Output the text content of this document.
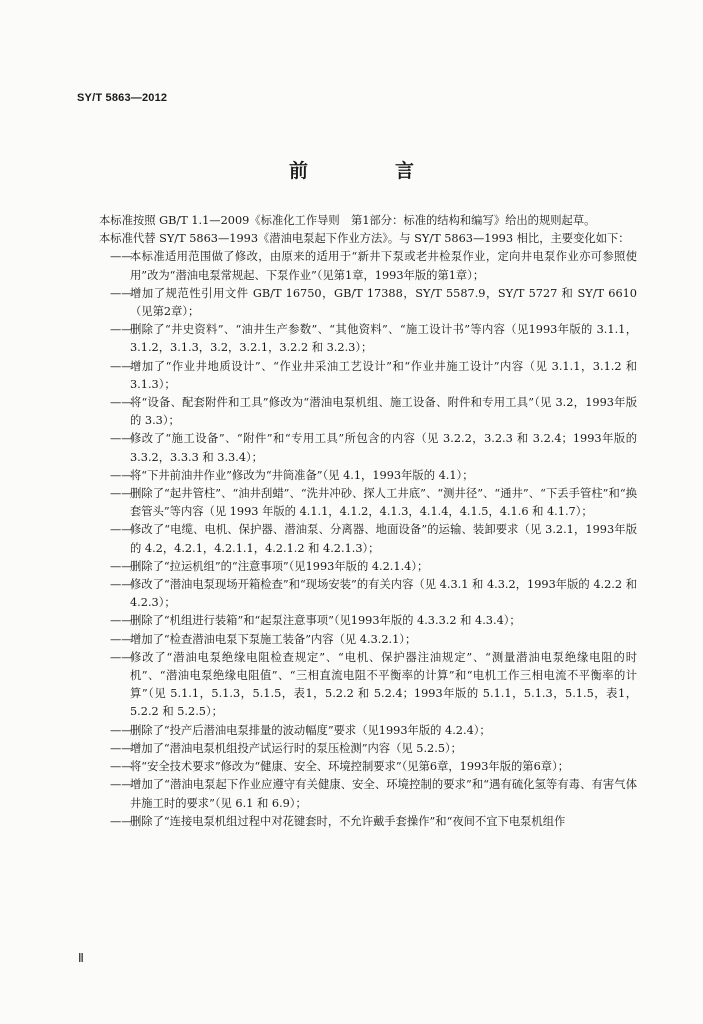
SY/T 5863—2012
前　言

本标准按照 GB/T 1.1—2009《标准化工作导则　第1部分：标准的结构和编写》给出的规则起草。

本标准代替 SY/T 5863—1993《潜油电泵起下作业方法》。与 SY/T 5863—1993 相比，主要变化如下：

——
本标准适用范围做了修改，由原来的适用于“新井下泵或老井检泵作业，定向井电泵作业亦可参照使用”改为“潜油电泵常规起、下泵作业”（见第1章，1993年版的第1章）；

——
增加了规范性引用文件 GB/T 16750，GB/T 17388，SY/T 5587.9，SY/T 5727 和 SY/T 6610（见第2章）；

——
删除了“井史资料”、“油井生产参数”、“其他资料”、“施工设计书”等内容（见1993年版的 3.1.1，3.1.2，3.1.3，3.2，3.2.1，3.2.2 和 3.2.3）；

——
增加了“作业井地质设计”、“作业井采油工艺设计”和“作业井施工设计”内容（见 3.1.1，3.1.2 和 3.1.3）；

——
将“设备、配套附件和工具”修改为“潜油电泵机组、施工设备、附件和专用工具”（见 3.2，1993年版的 3.3）；

——
修改了“施工设备”、“附件”和“专用工具”所包含的内容（见 3.2.2，3.2.3 和 3.2.4；1993年版的 3.3.2，3.3.3 和 3.3.4）；

——
将“下井前油井作业”修改为“井筒准备”（见 4.1，1993年版的 4.1）；

——
删除了“起井管柱”、“油井刮蜡”、“洗井冲砂、探人工井底”、“测井径”、“通井”、“下丢手管柱”和“换套管头”等内容（见 1993 年版的 4.1.1，4.1.2，4.1.3，4.1.4，4.1.5，4.1.6 和 4.1.7）；

——
修改了“电缆、电机、保护器、潜油泵、分离器、地面设备”的运输、装卸要求（见 3.2.1，1993年版的 4.2，4.2.1，4.2.1.1，4.2.1.2 和 4.2.1.3）；

——
删除了“拉运机组”的“注意事项”（见1993年版的 4.2.1.4）；

——
修改了“潜油电泵现场开箱检查”和“现场安装”的有关内容（见 4.3.1 和 4.3.2，1993年版的 4.2.2 和 4.2.3）；

——
删除了“机组进行装箱”和“起泵注意事项”（见1993年版的 4.3.3.2 和 4.3.4）；

——
增加了“检查潜油电泵下泵施工装备”内容（见 4.3.2.1）；

——
修改了“潜油电泵绝缘电阻检查规定”、“电机、保护器注油规定”、“测量潜油电泵绝缘电阻的时机”、“潜油电泵绝缘电阻值”、“三相直流电阻不平衡率的计算”和“电机工作三相电流不平衡率的计算”（见 5.1.1，5.1.3，5.1.5，表1，5.2.2 和 5.2.4；1993年版的 5.1.1，5.1.3，5.1.5，表1，5.2.2 和 5.2.5）；

——
删除了“投产后潜油电泵排量的波动幅度”要求（见1993年版的 4.2.4）；

——
增加了“潜油电泵机组投产试运行时的泵压检测”内容（见 5.2.5）；

——
将“安全技术要求”修改为“健康、安全、环境控制要求”（见第6章，1993年版的第6章）；

——
增加了“潜油电泵起下作业应遵守有关健康、安全、环境控制的要求”和“遇有硫化氢等有毒、有害气体井施工时的要求”（见 6.1 和 6.9）；

——
删除了“连接电泵机组过程中对花键套时，不允许戴手套操作”和“夜间不宜下电泵机组作

Ⅱ
